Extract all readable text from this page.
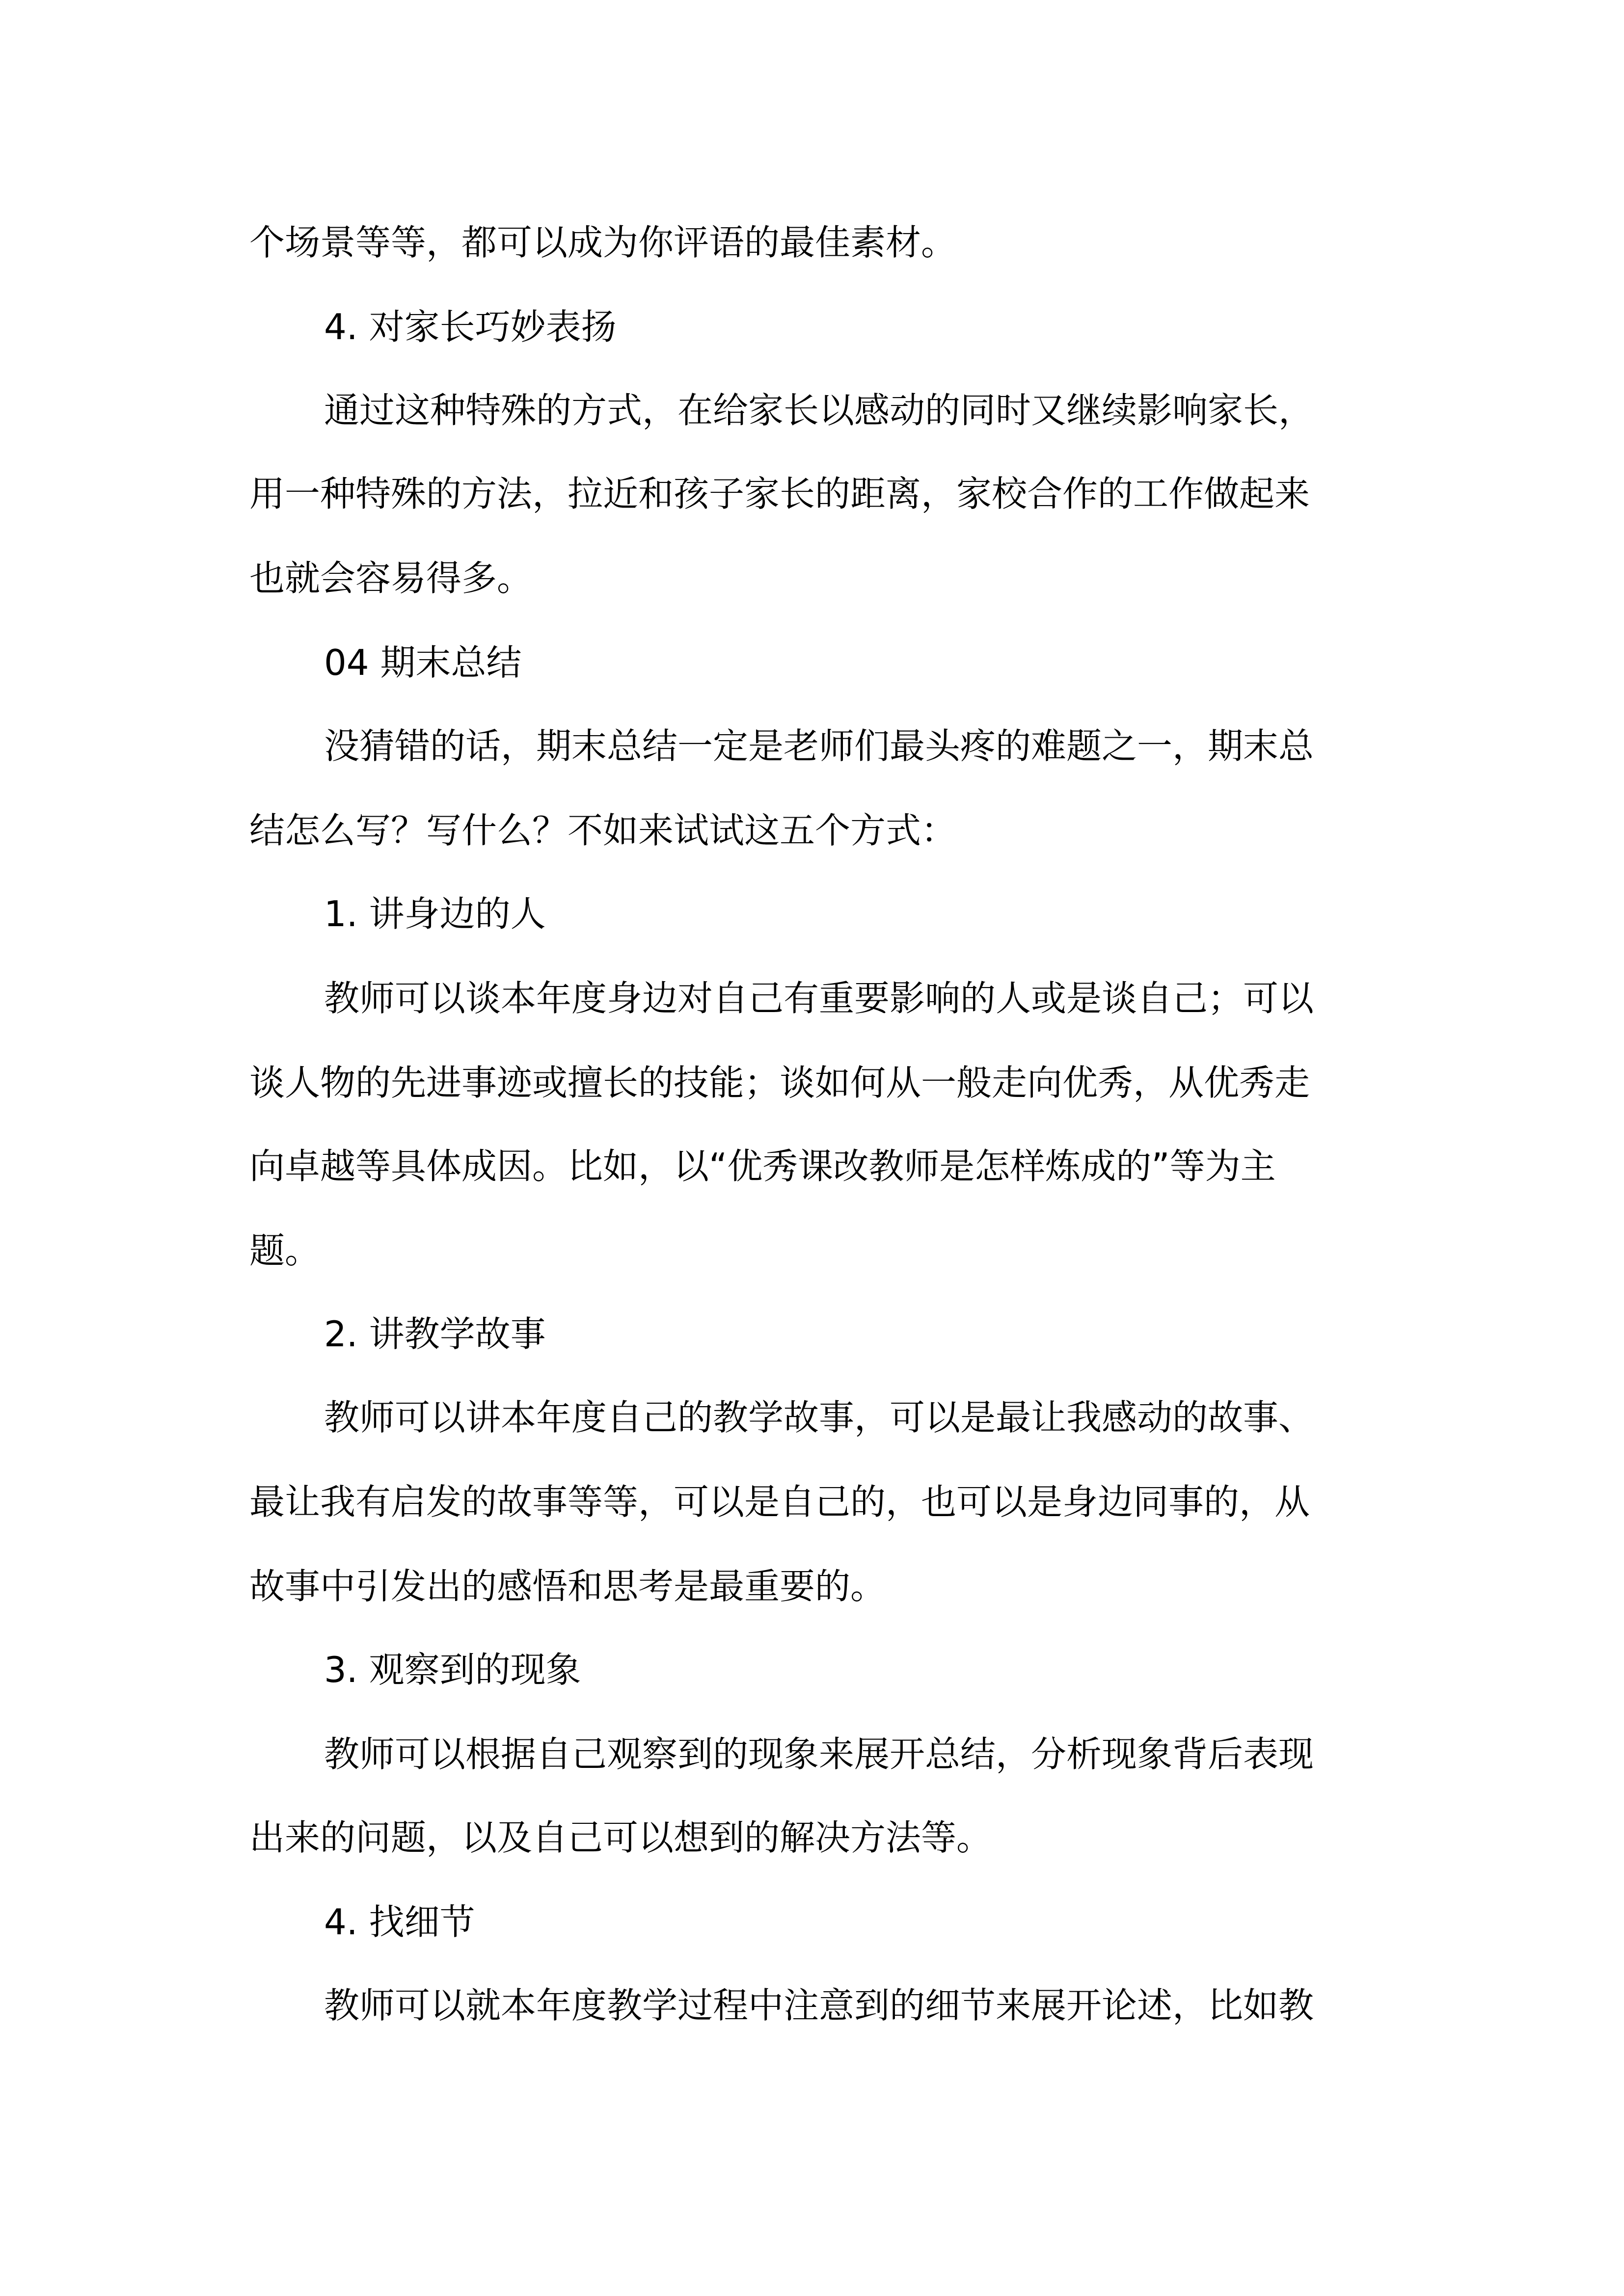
个场景等等，都可以成为你评语的最佳素材。

4. 对家长巧妙表扬

通过这种特殊的方式，在给家长以感动的同时又继续影响家长，

用一种特殊的方法，拉近和孩子家长的距离，家校合作的工作做起来

也就会容易得多。

04 期末总结

没猜错的话，期末总结一定是老师们最头疼的难题之一，期末总

结怎么写？写什么？不如来试试这五个方式：

1. 讲身边的人

教师可以谈本年度身边对自己有重要影响的人或是谈自己；可以

谈人物的先进事迹或擅长的技能；谈如何从一般走向优秀，从优秀走

向卓越等具体成因。比如，以“优秀课改教师是怎样炼成的”等为主

题。

2. 讲教学故事

教师可以讲本年度自己的教学故事，可以是最让我感动的故事、

最让我有启发的故事等等，可以是自己的，也可以是身边同事的，从

故事中引发出的感悟和思考是最重要的。

3. 观察到的现象

教师可以根据自己观察到的现象来展开总结，分析现象背后表现

出来的问题，以及自己可以想到的解决方法等。

4. 找细节

教师可以就本年度教学过程中注意到的细节来展开论述，比如教
